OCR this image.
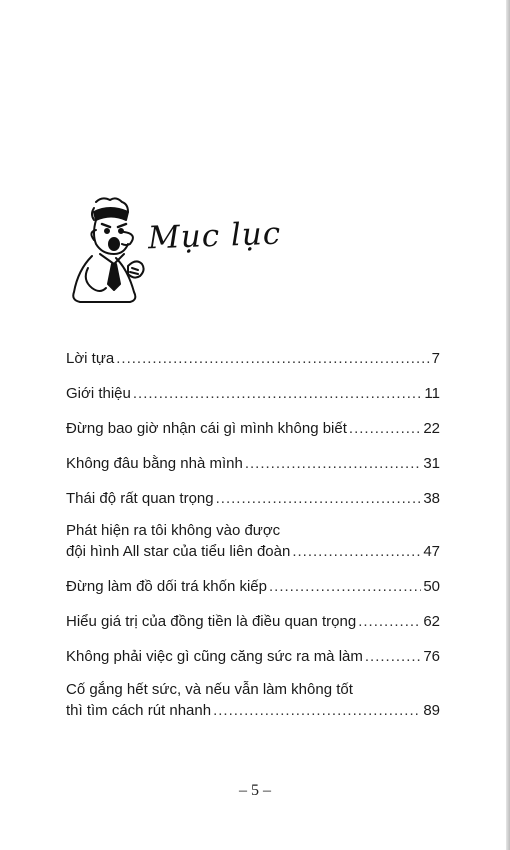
Mục lục
Lời tựa .....	7
Giới thiệu .....	11
Đừng bao giờ nhận cái gì mình không biết .....	22
Không đâu bằng nhà mình .....	31
Thái độ rất quan trọng .....	38
Phát hiện ra tôi không vào được
đội hình All star của tiểu liên đoàn .....	47
Đừng làm đồ dối trá khốn kiếp .....	50
Hiểu giá trị của đồng tiền là điều quan trọng .....	62
Không phải việc gì cũng căng sức ra mà làm .....	76
Cố gắng hết sức, và nếu vẫn làm không tốt
thì tìm cách rút nhanh .....	89
– 5 –
